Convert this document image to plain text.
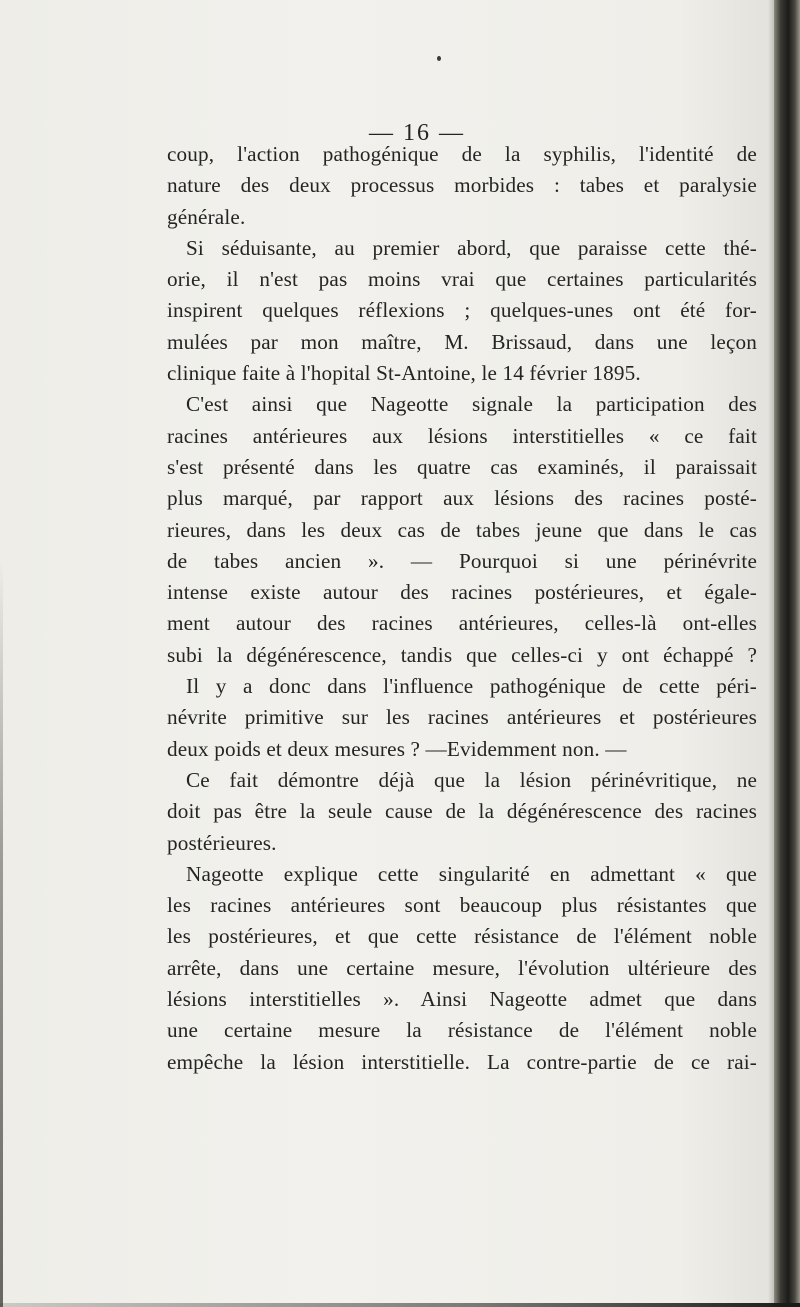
— 16 —
coup, l'action pathogénique de la syphilis, l'identité de
nature des deux processus morbides : tabes et paralysie
générale.
Si séduisante, au premier abord, que paraisse cette thé-
orie, il n'est pas moins vrai que certaines particularités
inspirent quelques réflexions ; quelques-unes ont été for-
mulées par mon maître, M. Brissaud, dans une leçon
clinique faite à l'hopital St-Antoine, le 14 février 1895.
C'est ainsi que Nageotte signale la participation des
racines antérieures aux lésions interstitielles « ce fait
s'est présenté dans les quatre cas examinés, il paraissait
plus marqué, par rapport aux lésions des racines posté-
rieures, dans les deux cas de tabes jeune que dans le cas
de tabes ancien ». — Pourquoi si une périnévrite
intense existe autour des racines postérieures, et égale-
ment autour des racines antérieures, celles-là ont-elles
subi la dégénérescence, tandis que celles-ci y ont échappé ?
Il y a donc dans l'influence pathogénique de cette péri-
névrite primitive sur les racines antérieures et postérieures
deux poids et deux mesures ? —Evidemment non. —
Ce fait démontre déjà que la lésion périnévritique, ne
doit pas être la seule cause de la dégénérescence des racines
postérieures.
Nageotte explique cette singularité en admettant « que
les racines antérieures sont beaucoup plus résistantes que
les postérieures, et que cette résistance de l'élément noble
arrête, dans une certaine mesure, l'évolution ultérieure des
lésions interstitielles ». Ainsi Nageotte admet que dans
une certaine mesure la résistance de l'élément noble
empêche la lésion interstitielle. La contre-partie de ce rai-
